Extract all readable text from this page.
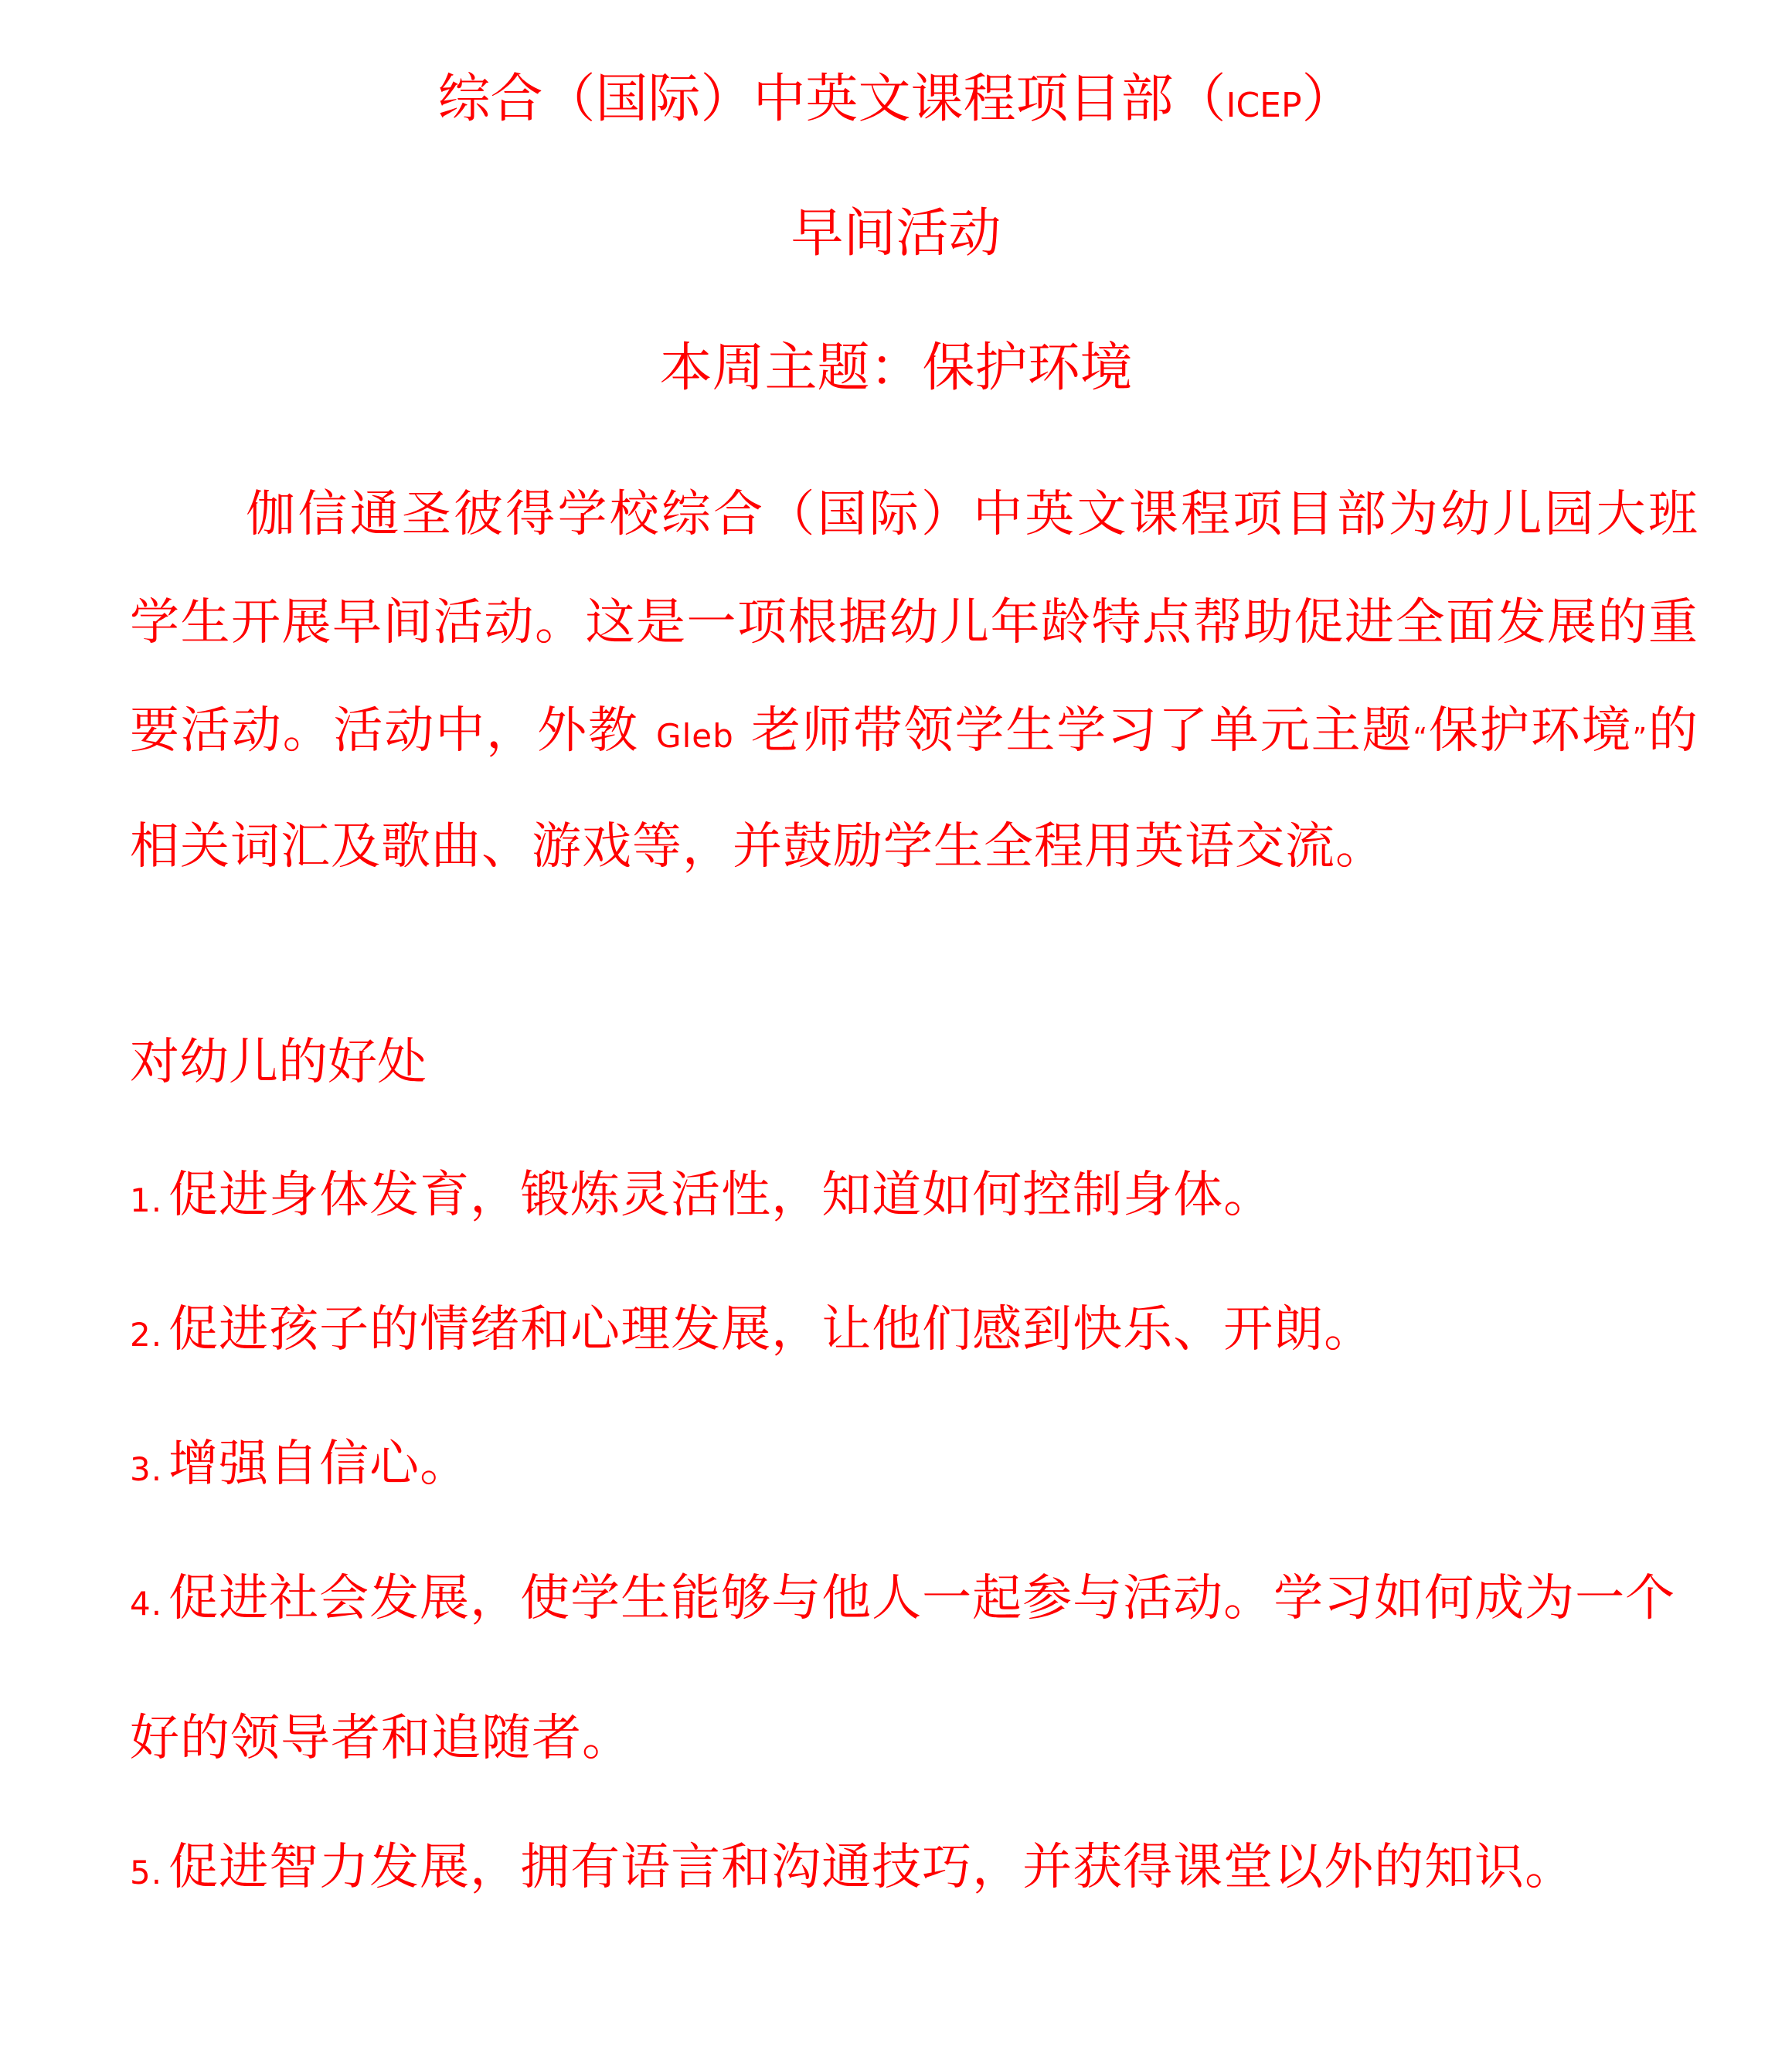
综合（国际）中英文课程项目部（ICEP）
早间活动
本周主题：保护环境
伽信通圣彼得学校综合（国际）中英文课程项目部为幼儿园大班学生开展早间活动。这是一项根据幼儿年龄特点帮助促进全面发展的重要活动。活动中，外教 Gleb 老师带领学生学习了单元主题“保护环境”的相关词汇及歌曲、游戏等，并鼓励学生全程用英语交流。
对幼儿的好处
1. 促进身体发育，锻炼灵活性，知道如何控制身体。
2. 促进孩子的情绪和心理发展，让他们感到快乐、开朗。
3. 增强自信心。
4. 促进社会发展，使学生能够与他人一起参与活动。学习如何成为一个好的领导者和追随者。
5. 促进智力发展，拥有语言和沟通技巧，并获得课堂以外的知识。
